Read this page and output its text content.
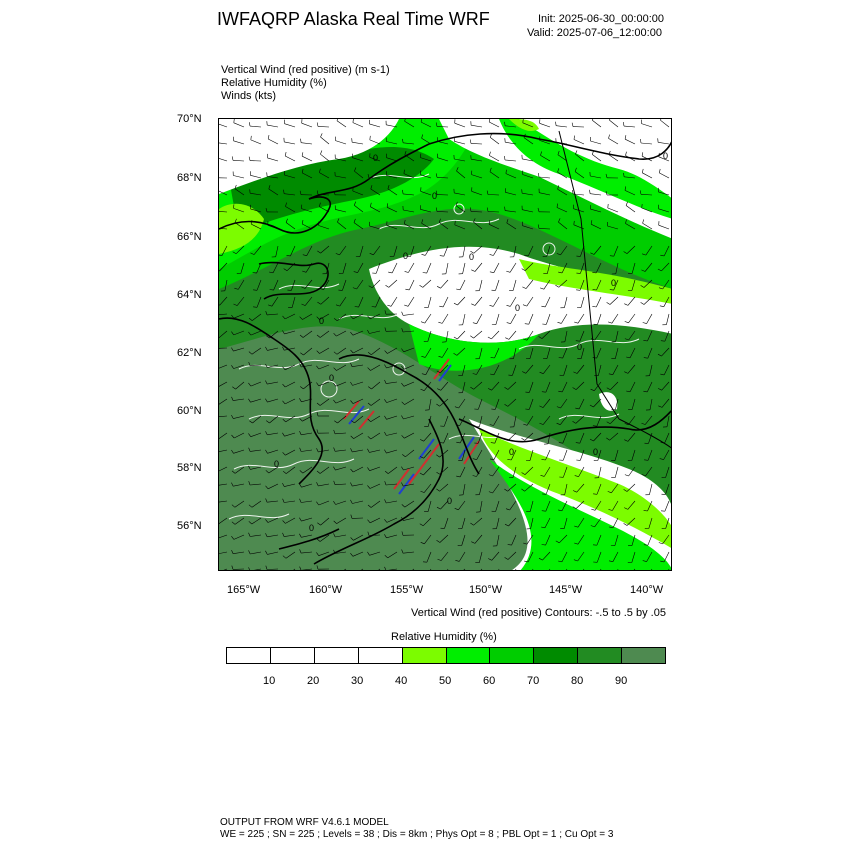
IWFAQRP Alaska Real Time WRF	Init: 2025-06-30_00:00:00
Valid: 2025-07-06_12:00:00
Vertical Wind (red positive) (m s-1)
Relative Humidity (%)
Winds (kts)
0
0
0
0
0
0
0
0
0
0	0
0
0
0
0
70°N
68°N
66°N
64°N
62°N
60°N
58°N
56°N
165°W	160°W	155°W	150°W	145°W	140°W
Vertical Wind (red positive) Contours: -.5 to .5 by .05
Relative Humidity (%)
10	20	30	40	50	60	70	80	90
OUTPUT FROM WRF V4.6.1 MODEL
WE = 225 ; SN = 225 ; Levels = 38 ; Dis = 8km ; Phys Opt = 8 ; PBL Opt = 1 ; Cu Opt = 3
